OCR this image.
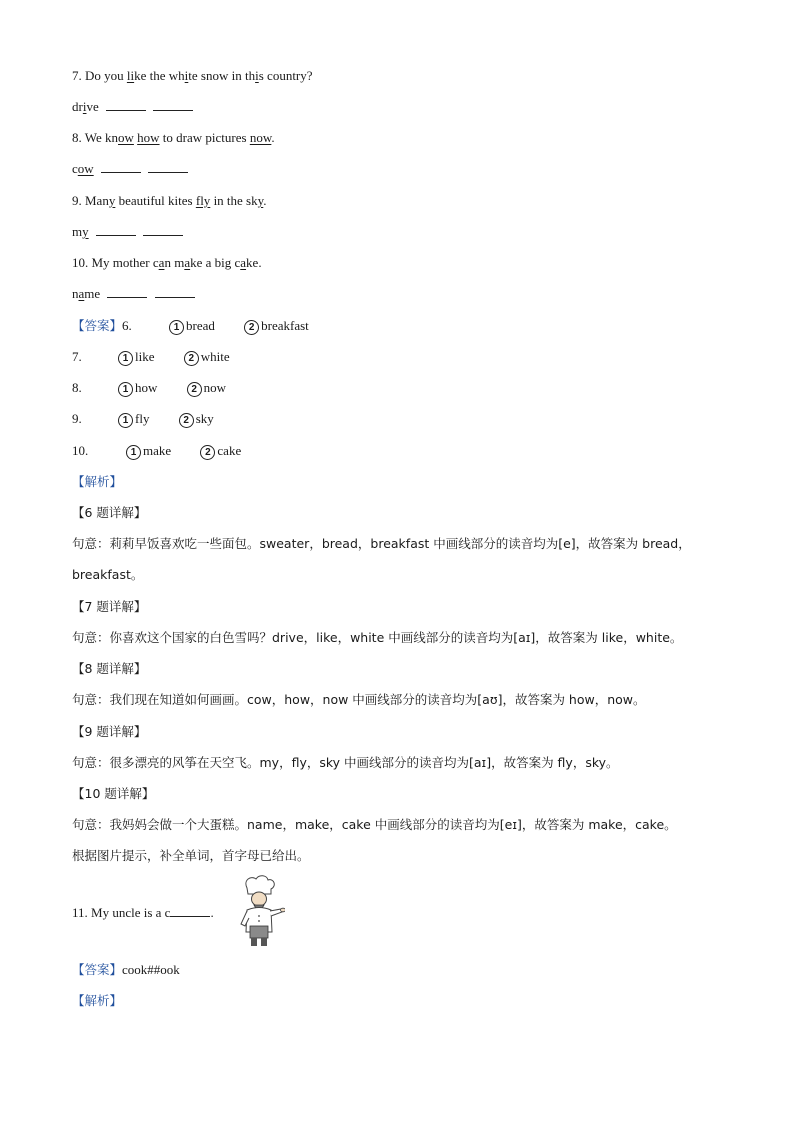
7. Do you like the white snow in this country?
drive
8. We know how to draw pictures now.
cow
9. Many beautiful kites fly in the sky.
my
10. My mother can make a big cake.
name
【答案】6.	1 bread	2 breakfast
7.	1 like	2 white
8.	1 how	2 now
9.	1 fly	2 sky
10.	1 make	2 cake
【解析】
【6 题详解】
句意：莉莉早饭喜欢吃一些面包。sweater，bread，breakfast 中画线部分的读音均为[e]，故答案为 bread，
breakfast。
【7 题详解】
句意：你喜欢这个国家的白色雪吗？drive，like，white 中画线部分的读音均为[aɪ]，故答案为 like，white。
【8 题详解】
句意：我们现在知道如何画画。cow，how，now 中画线部分的读音均为[aʊ]，故答案为 how，now。
【9 题详解】
句意：很多漂亮的风筝在天空飞。my，fly，sky 中画线部分的读音均为[aɪ]，故答案为 fly，sky。
【10 题详解】
句意：我妈妈会做一个大蛋糕。name，make，cake 中画线部分的读音均为[eɪ]，故答案为 make，cake。
根据图片提示，补全单词，首字母已给出。
11. My uncle is a c	.
【答案】cook##ook
【解析】
